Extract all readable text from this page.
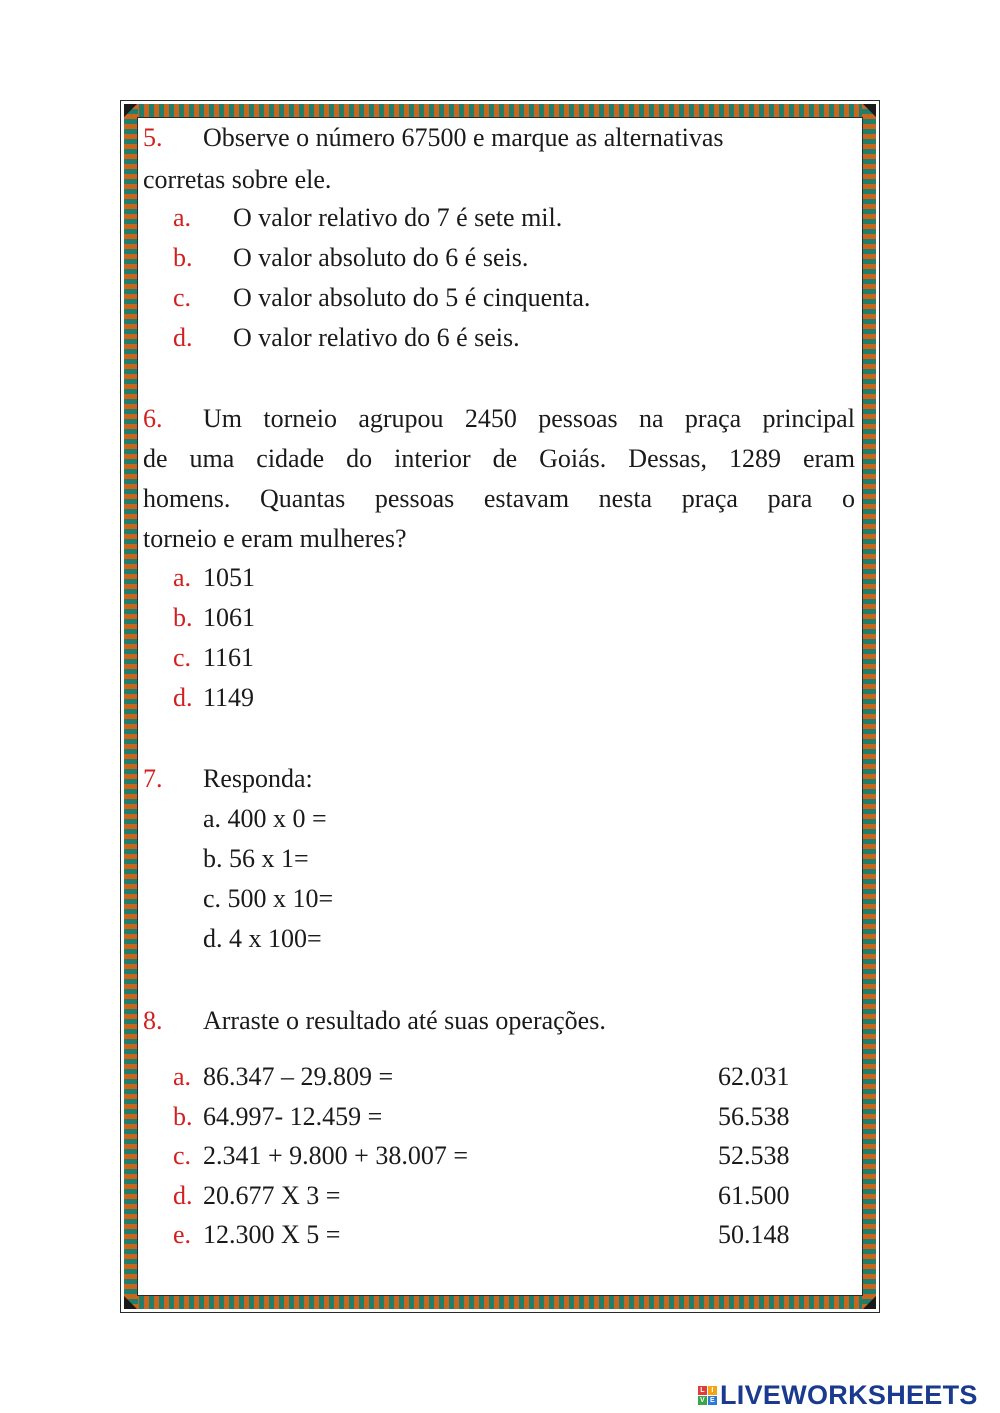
5. Observe o número 67500 e marque as alternativas
corretas sobre ele.
a. O valor relativo do 7 é sete mil.
b. O valor absoluto do 6 é seis.
c. O valor absoluto do 5 é cinquenta.
d. O valor relativo do 6 é seis.
6. Um torneio agrupou 2450 pessoas na praça principal
de uma cidade do interior de Goiás. Dessas, 1289 eram
homens. Quantas pessoas estavam nesta praça para o
torneio e eram mulheres?
a. 1051
b. 1061
c. 1161
d. 1149
7. Responda:
a. 400 x 0 =
b. 56 x 1=
c. 500 x 10=
d. 4 x 100=
8. Arraste o resultado até suas operações.
a. 86.347 – 29.809 =
b. 64.997- 12.459 =
c. 2.341 + 9.800 + 38.007 =
d. 20.677 X 3 =
e. 12.300 X 5 =
62.031
56.538
52.538
61.500
50.148
L I
V E LIVEWORKSHEETS
